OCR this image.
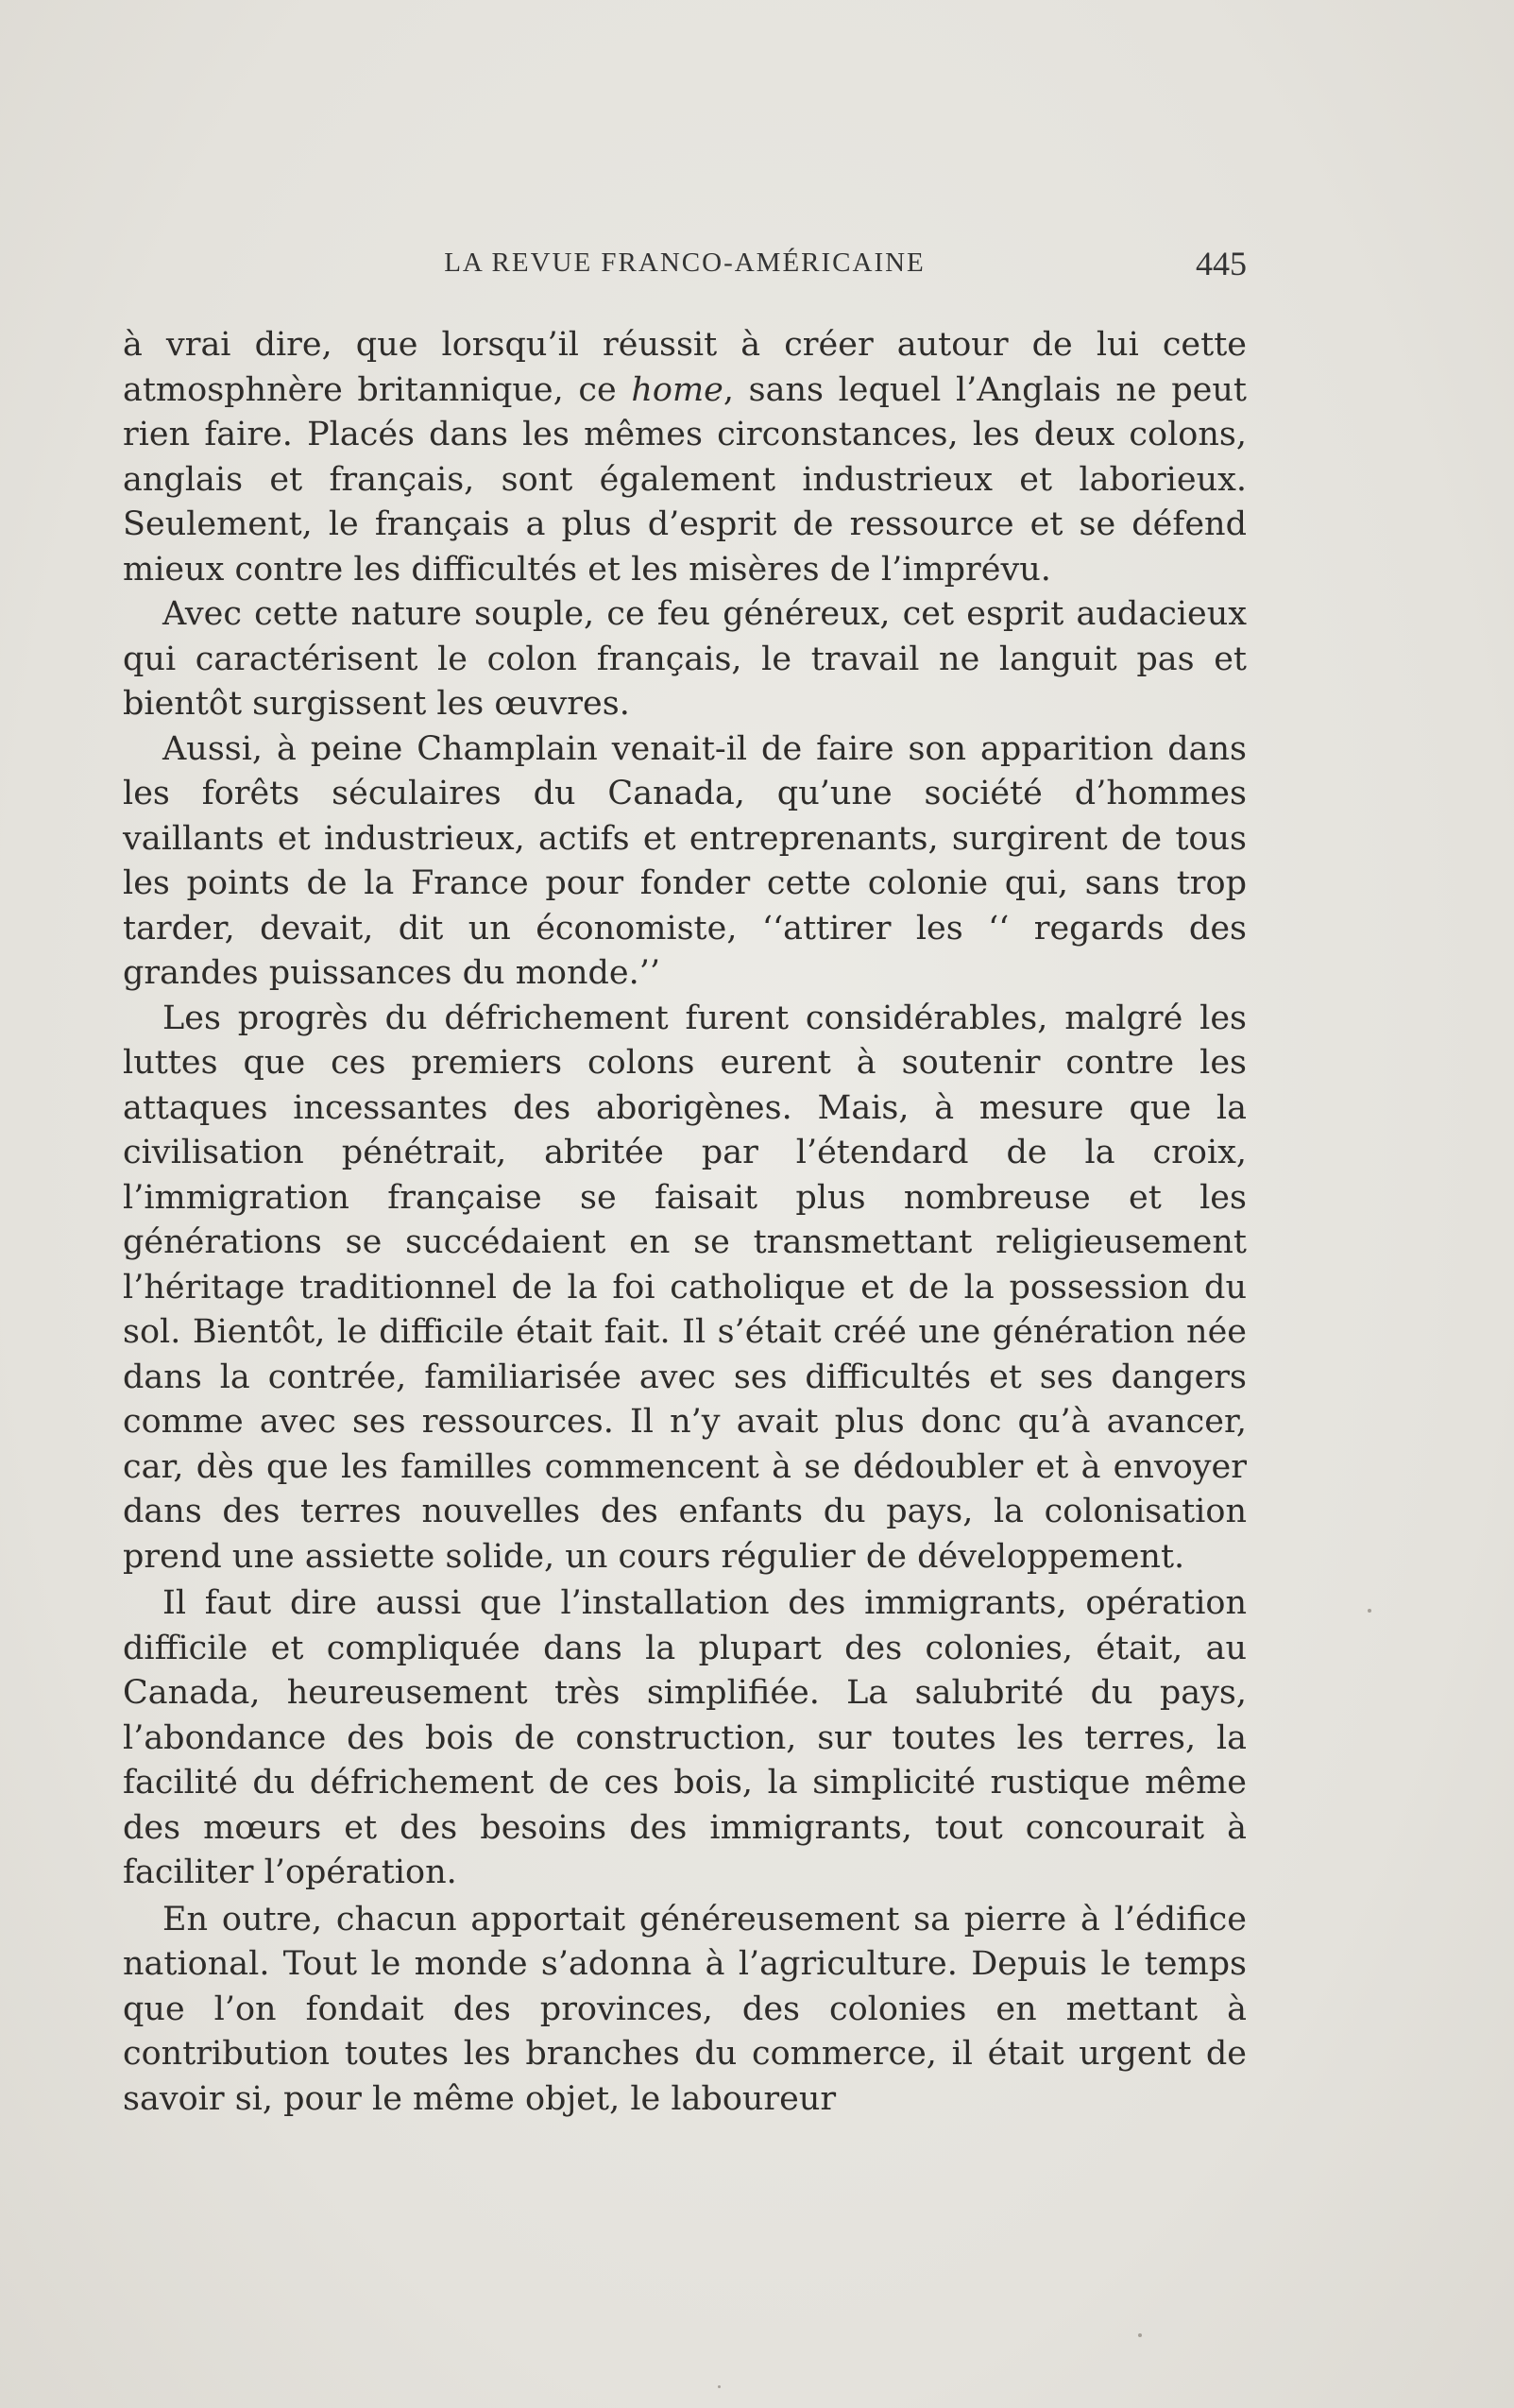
LA REVUE FRANCO-AMÉRICAINE	445

à vrai dire, que lorsqu’il réussit à créer autour de lui cette atmosphnère britannique, ce home, sans lequel l’Anglais ne peut rien faire. Placés dans les mêmes circonstances, les deux colons, anglais et français, sont également industrieux et laborieux. Seulement, le français a plus d’esprit de ressource et se défend mieux contre les difficultés et les misères de l’imprévu.

Avec cette nature souple, ce feu généreux, cet esprit audacieux qui caractérisent le colon français, le travail ne languit pas et bientôt surgissent les œuvres.

Aussi, à peine Champlain venait-il de faire son apparition dans les forêts séculaires du Canada, qu’une société d’hommes vaillants et industrieux, actifs et entreprenants, surgirent de tous les points de la France pour fonder cette colonie qui, sans trop tarder, devait, dit un économiste, ‘‘attirer les ‘‘ regards des grandes puissances du monde.’’

Les progrès du défrichement furent considérables, malgré les luttes que ces premiers colons eurent à soutenir contre les attaques incessantes des aborigènes. Mais, à mesure que la civilisation pénétrait, abritée par l’étendard de la croix, l’immigration française se faisait plus nombreuse et les générations se succédaient en se transmettant religieusement l’héritage traditionnel de la foi catholique et de la possession du sol. Bientôt, le difficile était fait. Il s’était créé une génération née dans la contrée, familiarisée avec ses difficultés et ses dangers comme avec ses ressources. Il n’y avait plus donc qu’à avancer, car, dès que les familles commencent à se dédoubler et à envoyer dans des terres nouvelles des enfants du pays, la colonisation prend une assiette solide, un cours régulier de développement.

Il faut dire aussi que l’installation des immigrants, opération difficile et compliquée dans la plupart des colonies, était, au Canada, heureusement très simplifiée. La salubrité du pays, l’abondance des bois de construction, sur toutes les terres, la facilité du défrichement de ces bois, la simplicité rustique même des mœurs et des besoins des immigrants, tout concourait à faciliter l’opération.

En outre, chacun apportait généreusement sa pierre à l’édifice national. Tout le monde s’adonna à l’agriculture. Depuis le temps que l’on fondait des provinces, des colonies en mettant à contribution toutes les branches du commerce, il était urgent de savoir si, pour le même objet, le laboureur
